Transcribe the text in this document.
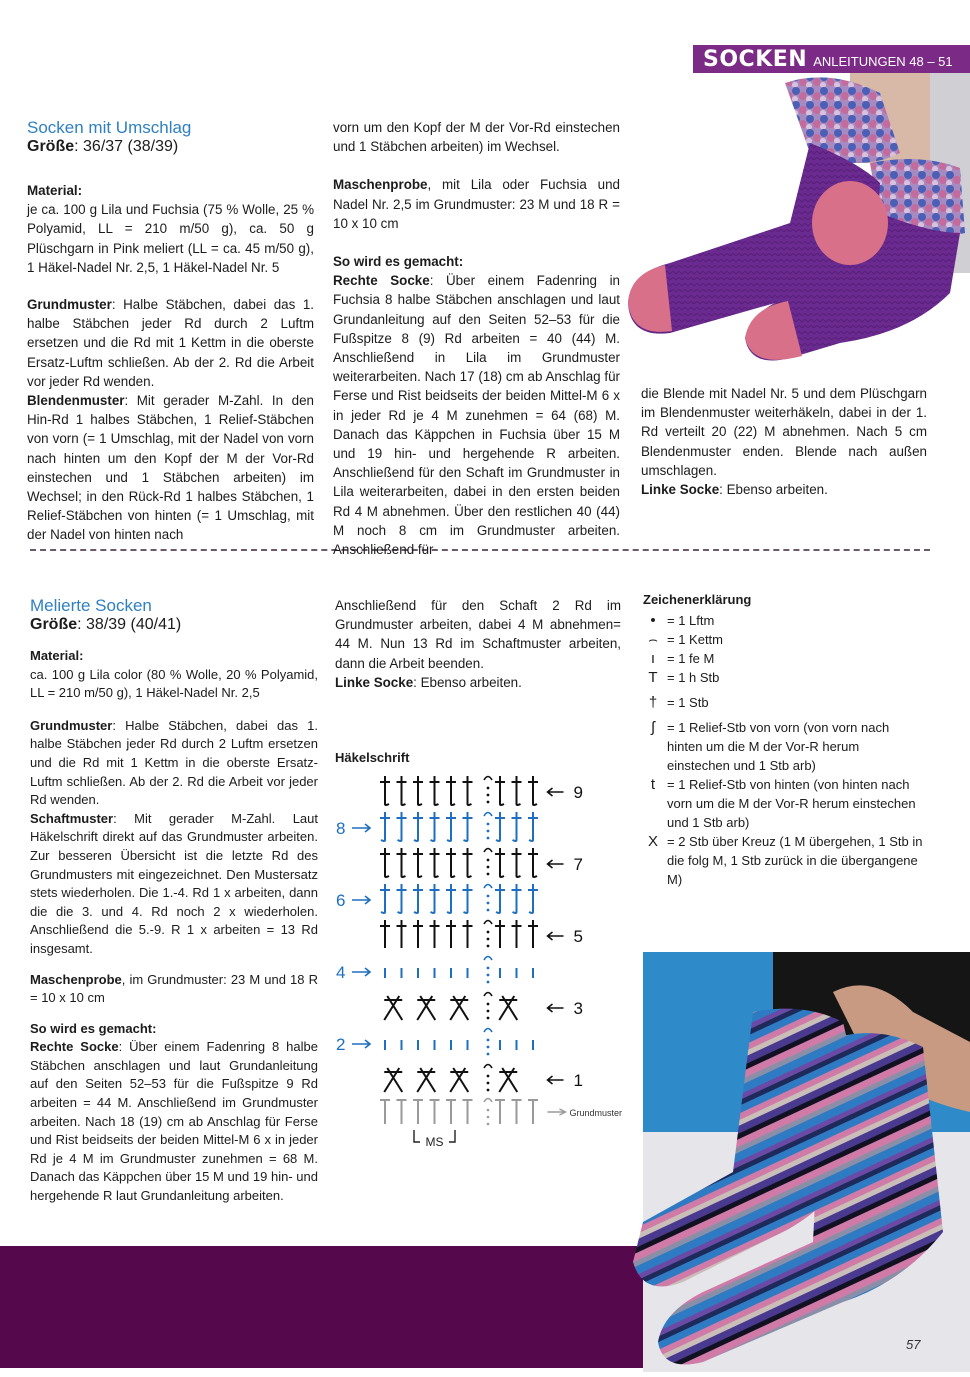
SOCKEN ANLEITUNGEN 48 – 51
Socken mit Umschlag
Größe: 36/37 (38/39)

Material:

je ca. 100 g Lila und Fuchsia (75 % Wolle, 25 % Polyamid, LL = 210 m/50 g), ca. 50 g Plüschgarn in Pink meliert (LL = ca. 45 m/50 g), 1 Häkel-Nadel Nr. 2,5, 1 Häkel-Nadel Nr. 5

Grundmuster: Halbe Stäbchen, dabei das 1. halbe Stäbchen jeder Rd durch 2 Luftm ersetzen und die Rd mit 1 Kettm in die oberste Ersatz-Luftm schließen. Ab der 2. Rd die Arbeit vor jeder Rd wenden.

Blendenmuster: Mit gerader M-Zahl. In den Hin-Rd 1 halbes Stäbchen, 1 Relief-Stäbchen von vorn (= 1 Umschlag, mit der Nadel von vorn nach hinten um den Kopf der M der Vor-Rd einstechen und 1 Stäbchen arbeiten) im Wechsel; in den Rück-Rd 1 halbes Stäbchen, 1 Relief-Stäbchen von hinten (= 1 Umschlag, mit der Nadel von hinten nach

vorn um den Kopf der M der Vor-Rd einstechen und 1 Stäbchen arbeiten) im Wechsel.

Maschenprobe, mit Lila oder Fuchsia und Nadel Nr. 2,5 im Grundmuster: 23 M und 18 R = 10 x 10 cm

So wird es gemacht:

Rechte Socke: Über einem Fadenring in Fuchsia 8 halbe Stäbchen anschlagen und laut Grundanleitung auf den Seiten 52–53 für die Fußspitze 8 (9) Rd arbeiten = 40 (44) M. Anschließend in Lila im Grundmuster weiterarbeiten. Nach 17 (18) cm ab Anschlag für Ferse und Rist beidseits der beiden Mittel-M 6 x in jeder Rd je 4 M zunehmen = 64 (68) M. Danach das Käppchen in Fuchsia über 15 M und 19 hin- und hergehende R arbeiten. Anschließend für den Schaft im Grundmuster in Lila weiterarbeiten, dabei in den ersten beiden Rd 4 M abnehmen. Über den restlichen 40 (44) M noch 8 cm im Grundmuster arbeiten. Anschließend für

die Blende mit Nadel Nr. 5 und dem Plüschgarn im Blendenmuster weiterhäkeln, dabei in der 1. Rd verteilt 20 (22) M abnehmen. Nach 5 cm Blendenmuster enden. Blende nach außen umschlagen.

Linke Socke: Ebenso arbeiten.

Melierte Socken
Größe: 38/39 (40/41)

Material:

ca. 100 g Lila color (80 % Wolle, 20 % Polyamid, LL = 210 m/50 g), 1 Häkel-Nadel Nr. 2,5

Grundmuster: Halbe Stäbchen, dabei das 1. halbe Stäbchen jeder Rd durch 2 Luftm ersetzen und die Rd mit 1 Kettm in die oberste Ersatz-Luftm schließen. Ab der 2. Rd die Arbeit vor jeder Rd wenden.

Schaftmuster: Mit gerader M-Zahl. Laut Häkelschrift direkt auf das Grundmuster arbeiten. Zur besseren Übersicht ist die letzte Rd des Grundmusters mit eingezeichnet. Den Mustersatz stets wiederholen. Die 1.-4. Rd 1 x arbeiten, dann die die 3. und 4. Rd noch 2 x wiederholen. Anschließend die 5.-9. R 1 x arbeiten = 13 Rd insgesamt.

Maschenprobe, im Grundmuster: 23 M und 18 R = 10 x 10 cm

So wird es gemacht:

Rechte Socke: Über einem Fadenring 8 halbe Stäbchen anschlagen und laut Grundanleitung auf den Seiten 52–53 für die Fußspitze 9 Rd arbeiten = 44 M. Anschließend im Grundmuster arbeiten. Nach 18 (19) cm ab Anschlag für Ferse und Rist beidseits der beiden Mittel-M 6 x in jeder Rd je 4 M im Grundmuster zunehmen = 68 M. Danach das Käppchen über 15 M und 19 hin- und hergehende R laut Grundanleitung arbeiten.

Anschließend für den Schaft 2 Rd im Grundmuster arbeiten, dabei 4 M abnehmen= 44 M. Nun 13 Rd im Schaftmuster arbeiten, dann die Arbeit beenden.

Linke Socke: Ebenso arbeiten.

Häkelschrift
9
8
7
6
5
4
3
2
1
Grundmuster
MS
Zeichenerklärung
• = 1 Lftm
⌢ = 1 Kettm
ı = 1 fe M
T = 1 h Stb
† = 1 Stb
ʃ = 1 Relief-Stb von vorn (von vorn nach hinten um die M der Vor-R herum einstechen und 1 Stb arb)
t = 1 Relief-Stb von hinten (von hinten nach vorn um die M der Vor-R herum einstechen und 1 Stb arb)
X = 2 Stb über Kreuz (1 M übergehen, 1 Stb in die folg M, 1 Stb zurück in die übergangene M)
57
